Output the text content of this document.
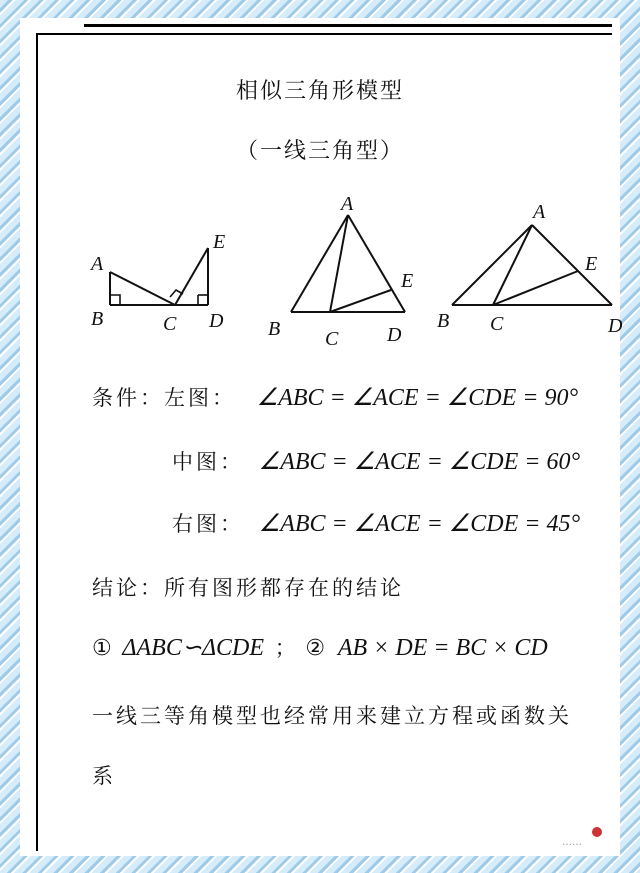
相似三角形模型
（一线三角型）
A
B	C D
E
A
B C D
E
A
B C	D
E
条件：左图： ∠ABC = ∠ACE = ∠CDE = 90°
中图： ∠ABC = ∠ACE = ∠CDE = 60°
右图： ∠ABC = ∠ACE = ∠CDE = 45°
结论：所有图形都存在的结论
① ΔABC∽ΔCDE ； ② AB × DE = BC × CD
一线三等角模型也经常用来建立方程或函数关
系
……
